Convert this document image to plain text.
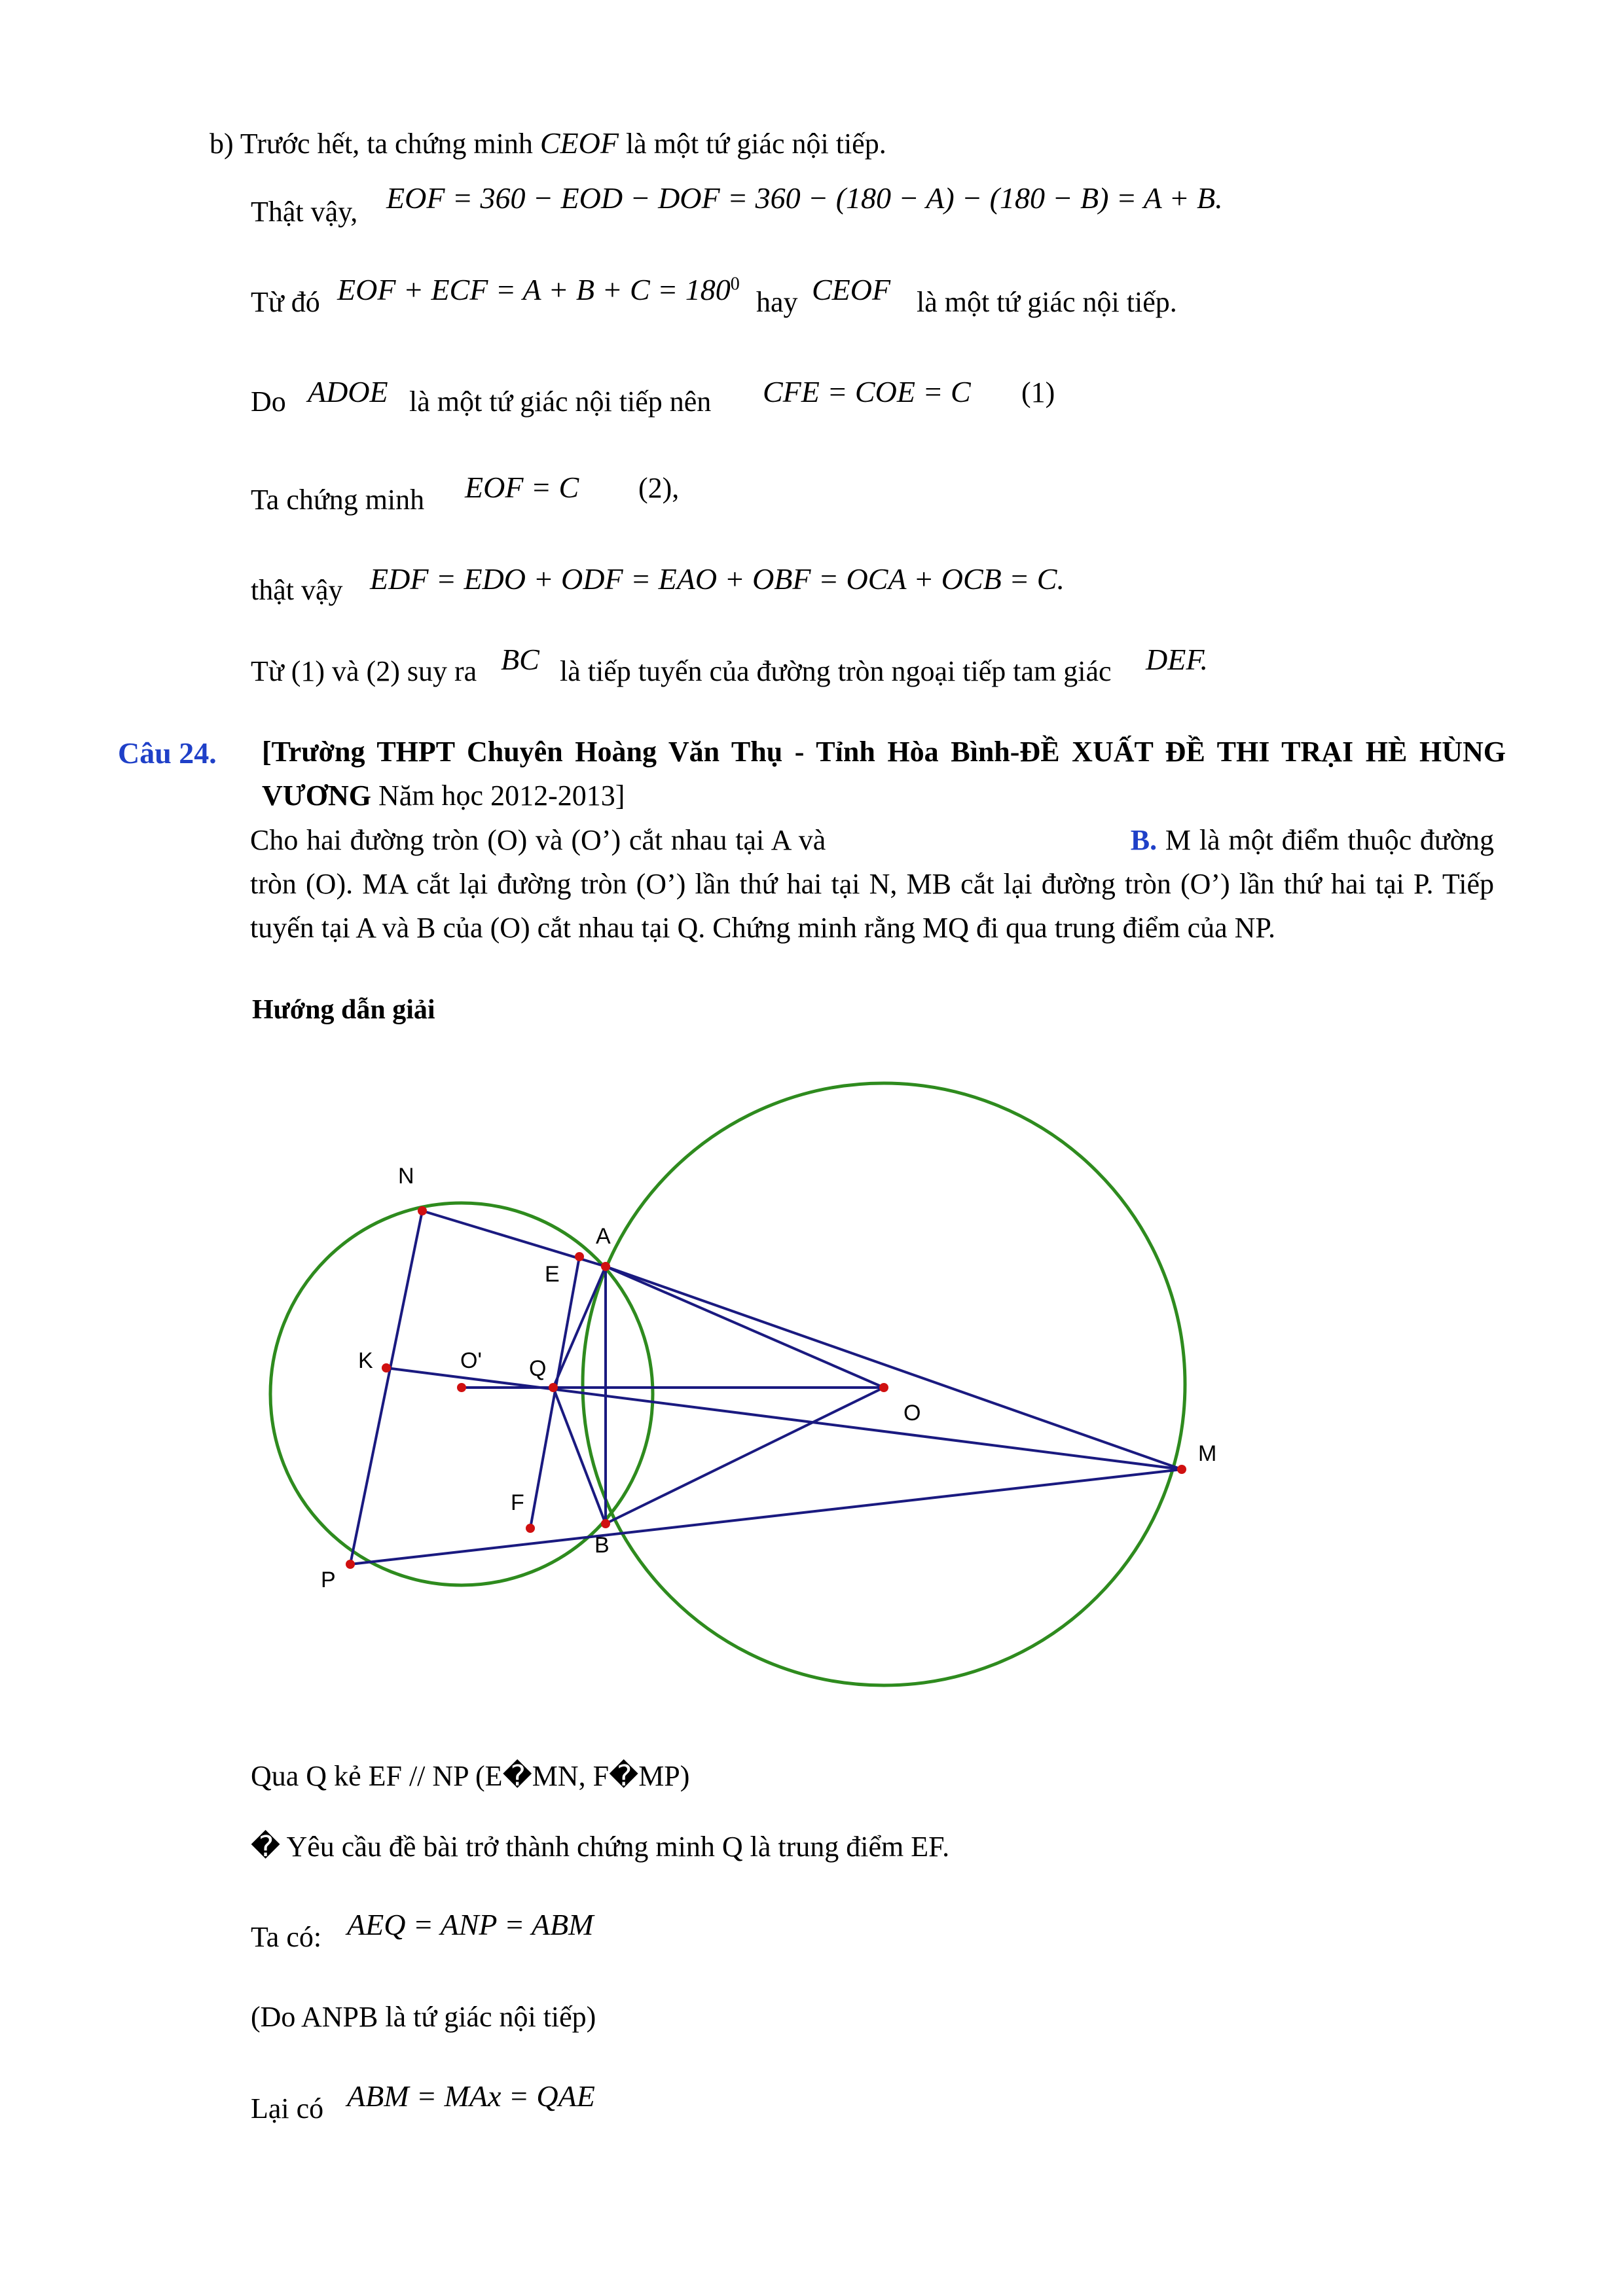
b) Trước hết, ta chứng minh CEOF là một tứ giác nội tiếp.
Thật vậy, EOF = 360 − EOD − DOF = 360 − (180 − A) − (180 − B) = A + B.
Từ đó EOF + ECF = $A + B + C = 180^0$
hay CEOF là một tứ giác nội tiếp.
Do ADOE là một tứ giác nội tiếp nên CFE = COE = C (1)
Ta chứng minh EOF = C (2),
thật vậy EDF = EDO + ODF = EAO + OBF = OCA + OCB = C.
Từ (1) và (2) suy ra BC là tiếp tuyến của đường tròn ngoại tiếp tam giác DEF.
Câu 24. [Trường THPT Chuyên Hoàng Văn Thụ - Tỉnh Hòa Bình-ĐỀ XUẤT ĐỀ THI TRẠI HÈ HÙNG VƯƠNG Năm học 2012-2013]
Cho hai đường tròn (O) và (O’) cắt nhau tại A và	B. M là một điểm thuộc đường tròn (O). MA cắt lại đường tròn (O’) lần thứ hai tại N, MB cắt lại đường tròn (O’) lần thứ hai tại P. Tiếp tuyến tại A và B của (O) cắt nhau tại Q. Chứng minh rằng MQ đi qua trung điểm của NP.
Hướng dẫn giải
N
A
E
K	O' Q
O
M
F
B
P
Qua Q kẻ EF // NP (E�MN, F�MP)
� Yêu cầu đề bài trở thành chứng minh Q là trung điểm EF.
Ta có: AEQ = ANP = ABM
(Do ANPB là tứ giác nội tiếp)
Lại có ABM = MAx = QAE
